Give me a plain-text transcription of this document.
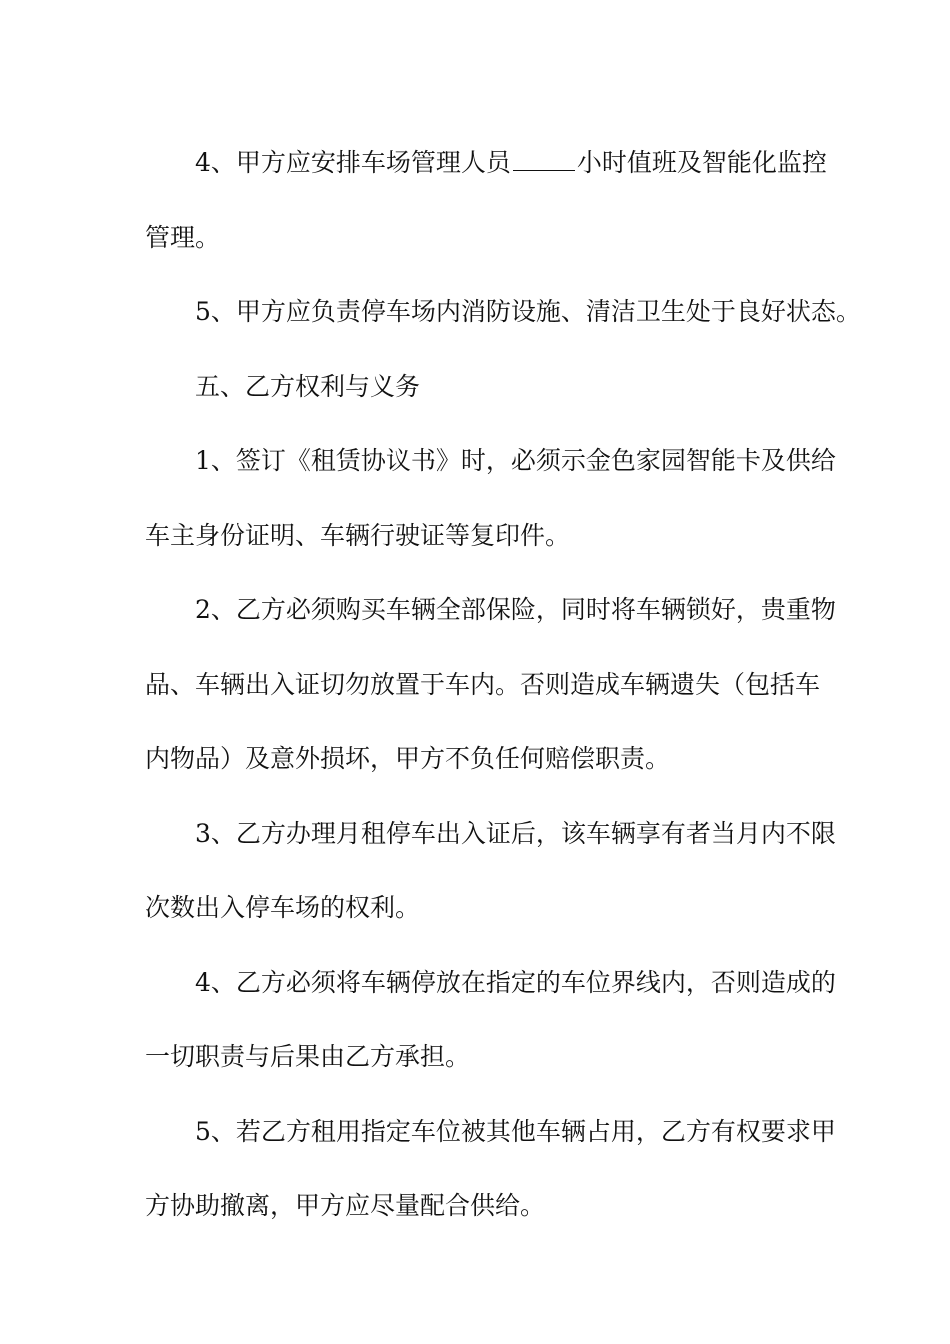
4、甲方应安排车场管理人员	小时值班及智能化监控
管理。
5、甲方应负责停车场内消防设施、清洁卫生处于良好状态。
五、乙方权利与义务
1、签订《租赁协议书》时，必须示金色家园智能卡及供给
车主身份证明、车辆行驶证等复印件。
2、乙方必须购买车辆全部保险，同时将车辆锁好，贵重物
品、车辆出入证切勿放置于车内。否则造成车辆遗失（包括车
内物品）及意外损坏，甲方不负任何赔偿职责。
3、乙方办理月租停车出入证后，该车辆享有者当月内不限
次数出入停车场的权利。
4、乙方必须将车辆停放在指定的车位界线内，否则造成的
一切职责与后果由乙方承担。
5、若乙方租用指定车位被其他车辆占用，乙方有权要求甲
方协助撤离，甲方应尽量配合供给。
